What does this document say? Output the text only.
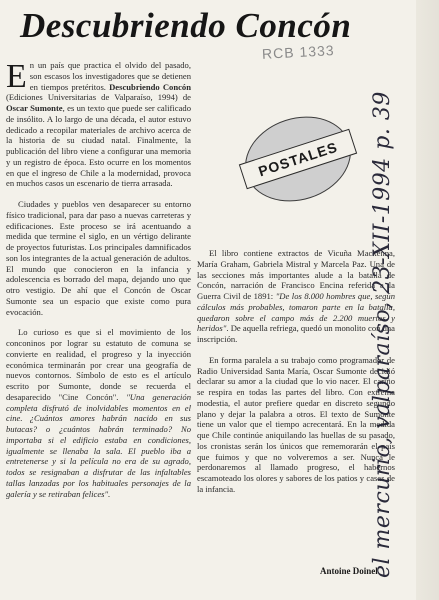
Descubriendo Concón
RCB 1333
POSTALES

En un país que practica el olvido del pasado, son escasos los investigadores que se detienen en tiempos pretéritos. Descubriendo Concón (Ediciones Universitarias de Valparaíso, 1994) de Oscar Sumonte, es un texto que puede ser calificado de insólito. A lo largo de una década, el autor estuvo dedicado a recopilar materiales de archivo acerca de la historia de su ciudad natal. Finalmente, la publicación del libro viene a configurar una memoria y un registro de época. Esto ocurre en los momentos en que el ingreso de Chile a la modernidad, provoca en muchos casos un escenario de tierra arrasada.

Ciudades y pueblos ven desaparecer su entorno físico tradicional, para dar paso a nuevas carreteras y edificaciones. Este proceso se irá acentuando a medida que termine el siglo, en un vértigo delirante de proyectos futuristas. Los principales damnificados son los integrantes de la actual generación de adultos. El mundo que conocieron en la infancia y adolescencia es borrado del mapa, dejando uno que otro vestigio. De ahí que el Concón de Oscar Sumonte sea un espacio que existe como pura evocación.

Lo curioso es que si el movimiento de los conconinos por lograr su estatuto de comuna se convierte en realidad, el progreso y la inyección económica terminarán por crear una geografía de nuevos contornos. Símbolo de esto es el artículo escrito por Sumonte, donde se recuerda el desaparecido "Cine Concón". "Una generación completa disfrutó de inolvidables momentos en el cine. ¿Cuántos amores habrán nacido en sus butacas? o ¿cuántos habrán terminado? No importaba si el edificio estaba en condiciones, igualmente se llenaba la sala. El pueblo iba a entretenerse y si la película no era de su agrado, todos se resignaban a disfrutar de las infaltables tallas lanzadas por los habituales personajes de la galería y se retiraban felices".

El libro contiene extractos de Vicuña Mackenna, María Graham, Gabriela Mistral y Marcela Paz. Una de las secciones más importantes alude a la batalla de Concón, narración de Francisco Encina referida a la Guerra Civil de 1891: "De los 8.000 hombres que, según cálculos más probables, tomaron parte en la batalla, quedaron sobre el campo más de 2.200 muertos y heridos". De aquella refriega, quedó un monolito con una inscripción.

En forma paralela a su trabajo como programador de Radio Universidad Santa María, Oscar Sumonte decidió declarar su amor a la ciudad que lo vio nacer. El cariño se respira en todas las partes del libro. Con extrema modestia, el autor prefiere quedar en discreto segundo plano y dejar la palabra a otros. El texto de Sumonte tiene un valor que el tiempo acrecentará. En la medida que Chile continúe aniquilando las huellas de su pasado, los cronistas serán los únicos que rememorarán el país que fuimos y que no volveremos a ser. Nunca le perdonaremos al llamado progreso, el habernos escamoteado los olores y sabores de los patios y casas de la infancia.

Antoine Doinel
el mercurio, valparaíso, 23-XII-1994 p. 39
